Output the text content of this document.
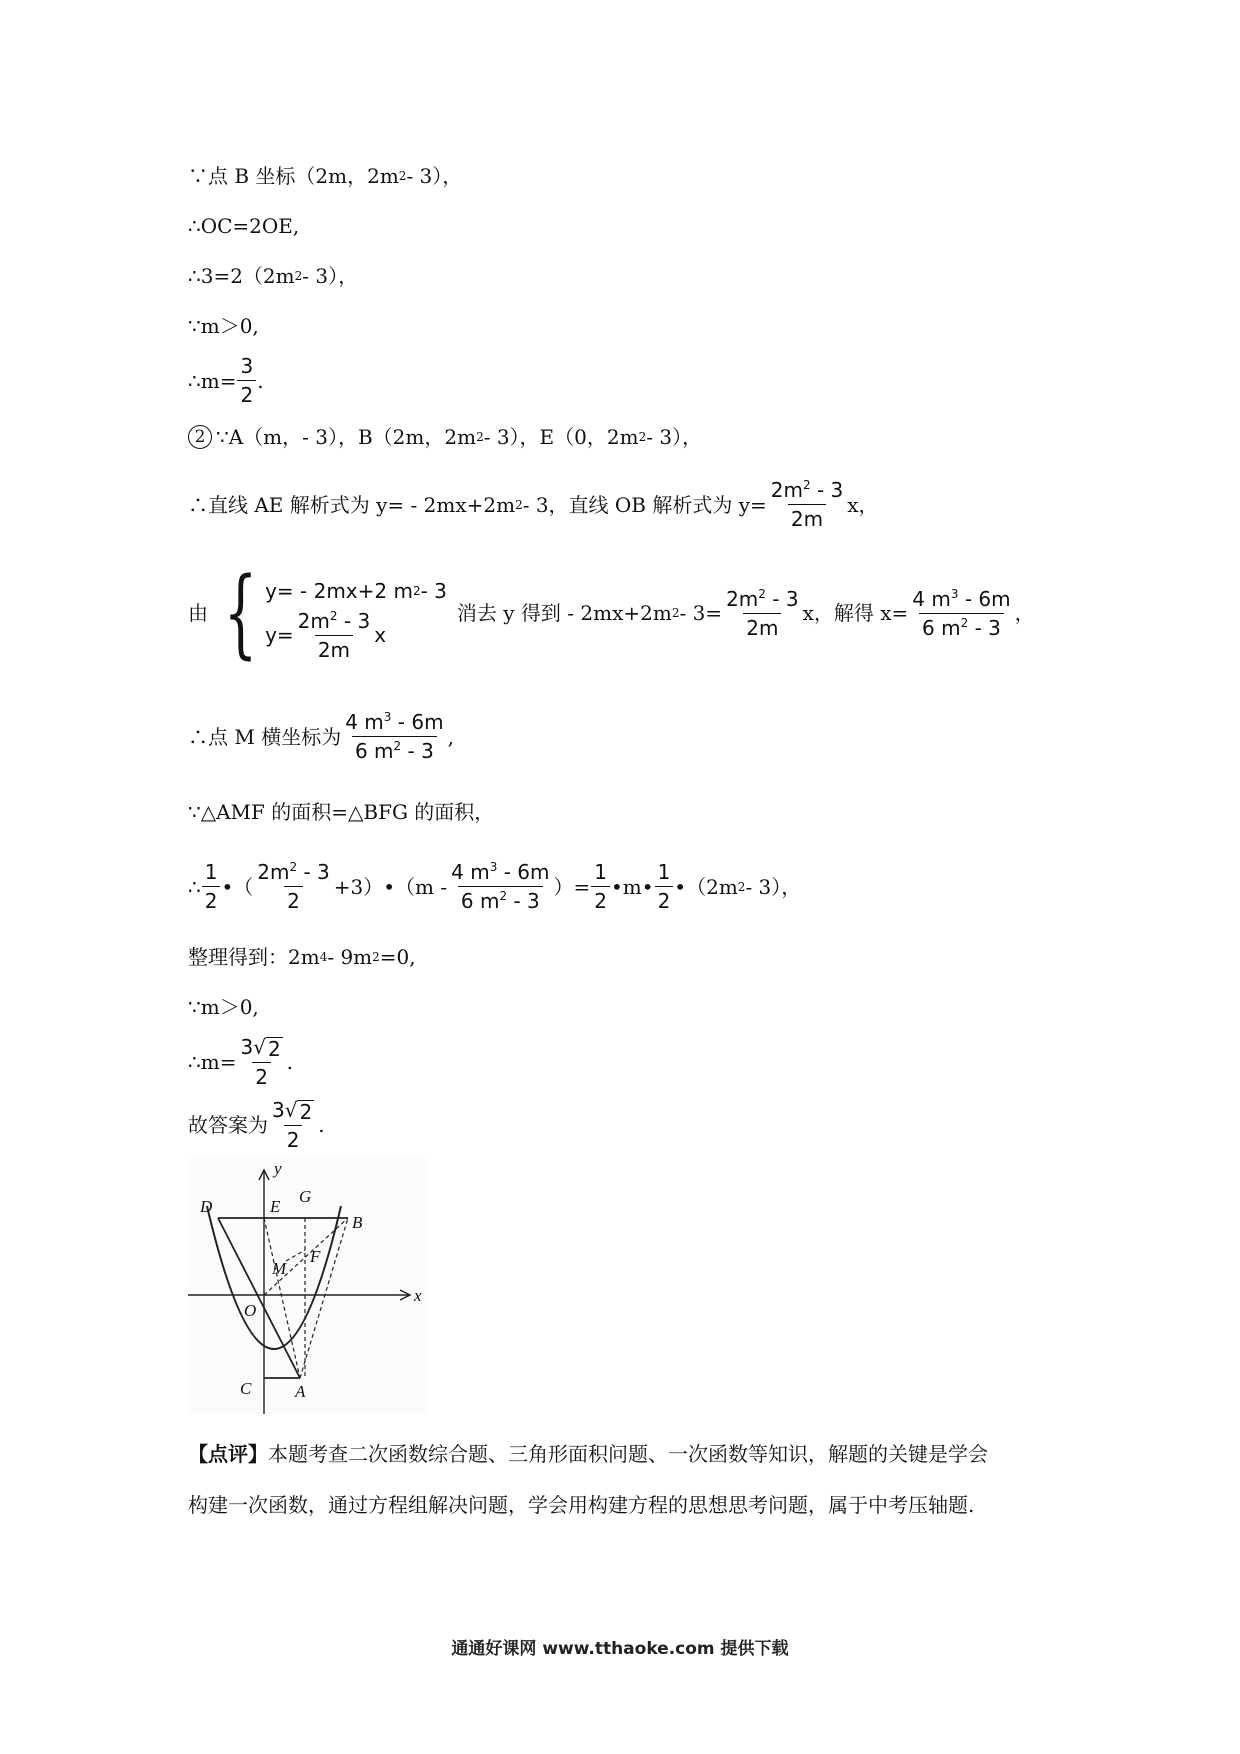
∵点 B 坐标（2m，2m 2 - 3），
∴OC=2OE,
∴3=2（2m 2 - 3），
∵m＞0,
∴m= $\frac{3}{2}$ .
2 ∵A（m，- 3），B（2m，2m 2 - 3），E（0，2m 2 - 3），
∴直线 AE 解析式为 y= - 2mx+2m 2 - 3，直线 OB 解析式为 $y= \frac{2m^2 - 3}{2m}$ x，
由 { y= - 2mx+2 m 2 - 3
$y= \frac{2m^2 - 3}{2m}$ x
消去 y 得到 - 2mx+2m $2 - 3= \frac{2m^2 - 3}{2m}$ x，解得 $x= \frac{4 m^3 - 6m}{6 m^2 - 3}$ ，
∴点 M 横坐标为 $\frac{4 m^3 - 6m}{6 m^2 - 3}$ ,
∵△AMF 的面积=△BFG 的面积，
∴ $\frac{1}{2}$ •（ $\frac{2m^2 - 3}{2}$ +3）•（m - $\frac{4 m^3 - 6m}{6 m^2 - 3}$ ）= $\frac{1}{2}$ •m• $\frac{1}{2}$ •（2m 2 - 3），
整理得到：2m 4 - 9m 2 =0,
∵m＞0,
∴m= $\frac{3 √ 2}{2}$ .
故答案为 $\frac{3 √ 2}{2}$ .
y
x
D	E
G
B
M
F
O
C	A
【点评】 本题考查二次函数综合题、三角形面积问题、一次函数等知识，解题的关键是学会
构建一次函数，通过方程组解决问题，学会用构建方程的思想思考问题，属于中考压轴题.
通通好课网 www.tthaoke.com 提供下载
